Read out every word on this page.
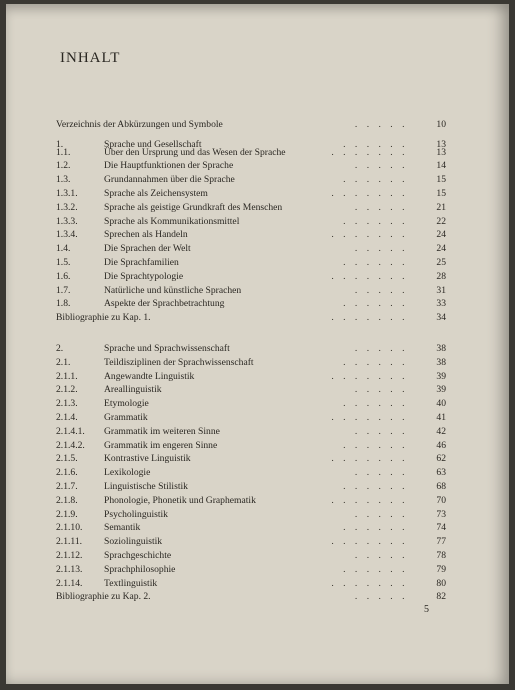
INHALT
Verzeichnis der Abkürzungen und Symbole	. . . . .	10
1.	Sprache und Gesellschaft	. . . . . .	13
1.1.	Über den Ursprung und das Wesen der Sprache	. . . . . . .	13
1.2.	Die Hauptfunktionen der Sprache	. . . . .	14
1.3.	Grundannahmen über die Sprache	. . . . . .	15
1.3.1.	Sprache als Zeichensystem	. . . . . . .	15
1.3.2.	Sprache als geistige Grundkraft des Menschen	. . . . .	21
1.3.3.	Sprache als Kommunikationsmittel	. . . . . .	22
1.3.4.	Sprechen als Handeln	. . . . . . .	24
1.4.	Die Sprachen der Welt	. . . . .	24
1.5.	Die Sprachfamilien	. . . . . .	25
1.6.	Die Sprachtypologie	. . . . . . .	28
1.7.	Natürliche und künstliche Sprachen	. . . . .	31
1.8.	Aspekte der Sprachbetrachtung	. . . . . .	33
Bibliographie zu Kap. 1.	. . . . . . .	34
2.	Sprache und Sprachwissenschaft	. . . . .	38
2.1.	Teildisziplinen der Sprachwissenschaft	. . . . . .	38
2.1.1.	Angewandte Linguistik	. . . . . . .	39
2.1.2.	Areallinguistik	. . . . .	39
2.1.3.	Etymologie	. . . . . .	40
2.1.4.	Grammatik	. . . . . . .	41
2.1.4.1. Grammatik im weiteren Sinne	. . . . .	42
2.1.4.2. Grammatik im engeren Sinne	. . . . . .	46
2.1.5.	Kontrastive Linguistik	. . . . . . .	62
2.1.6.	Lexikologie	. . . . .	63
2.1.7.	Linguistische Stilistik	. . . . . .	68
2.1.8.	Phonologie, Phonetik und Graphematik	. . . . . . .	70
2.1.9.	Psycholinguistik	. . . . .	73
2.1.10. Semantik	. . . . . .	74
2.1.11. Soziolinguistik	. . . . . . .	77
2.1.12. Sprachgeschichte	. . . . .	78
2.1.13. Sprachphilosophie	. . . . . .	79
2.1.14. Textlinguistik	. . . . . . .	80
Bibliographie zu Kap. 2.	. . . . .	82
5
